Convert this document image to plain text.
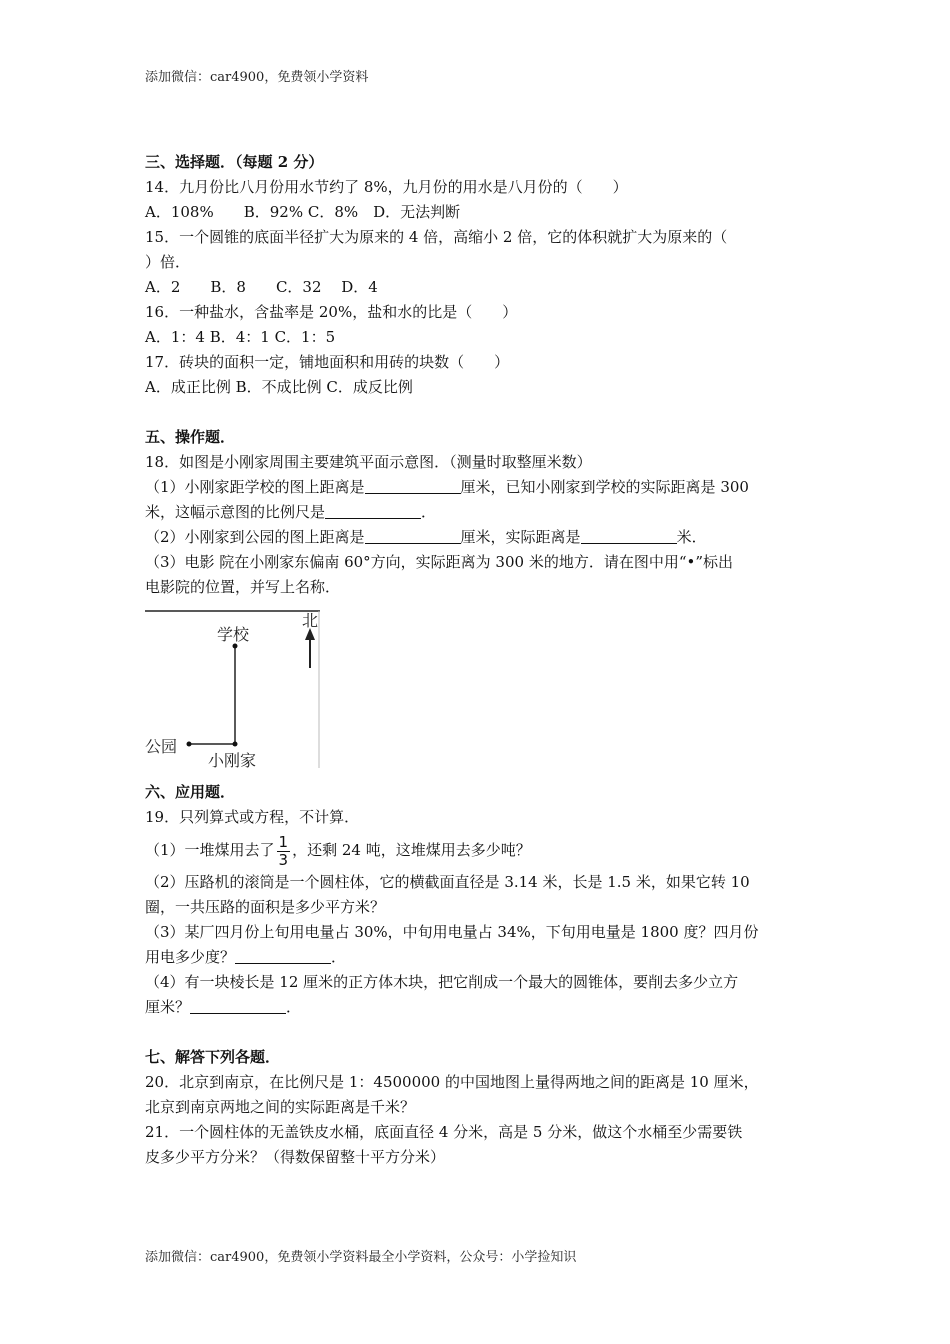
添加微信：car4900，免费领小学资料
三、选择题．（每题 2 分）
14．九月份比八月份用水节约了 8%，九月份的用水是八月份的（　　）
A．108%　　B．92% C．8%　D．无法判断
15．一个圆锥的底面半径扩大为原来的 4 倍，高缩小 2 倍，它的体积就扩大为原来的（
）倍．
A．2　　B．8　　C．32　 D．4
16．一种盐水，含盐率是 20%，盐和水的比是（　　）
A．1：4 B．4：1 C．1：5
17．砖块的面积一定，铺地面积和用砖的块数（　　）
A．成正比例 B．不成比例 C．成反比例
五、操作题．
18．如图是小刚家周围主要建筑平面示意图．（测量时取整厘米数）
（1）小刚家距学校的图上距离是	厘米，已知小刚家到学校的实际距离是 300
米，这幅示意图的比例尺是	．
（2）小刚家到公园的图上距离是	厘米，实际距离是	米．
（3）电影 院在小刚家东偏南 60°方向，实际距离为 300 米的地方．请在图中用“•”标出
电影院的位置，并写上名称．
学校
北
公园
小刚家
六、应用题．
19．只列算式或方程，不计算．
（1）一堆煤用去了 $\frac{1}{3}$ ，还剩 24 吨，这堆煤用去多少吨？
（2）压路机的滚筒是一个圆柱体，它的横截面直径是 3.14 米，长是 1.5 米，如果它转 10
圈，一共压路的面积是多少平方米？
（3）某厂四月份上旬用电量占 30%，中旬用电量占 34%，下旬用电量是 1800 度？四月份
用电多少度？	．
（4）有一块棱长是 12 厘米的正方体木块，把它削成一个最大的圆锥体，要削去多少立方
厘米？	．
七、解答下列各题．
20．北京到南京，在比例尺是 1：4500000 的中国地图上量得两地之间的距离是 10 厘米，
北京到南京两地之间的实际距离是千米？
21．一个圆柱体的无盖铁皮水桶，底面直径 4 分米，高是 5 分米，做这个水桶至少需要铁
皮多少平方分米？（得数保留整十平方分米）
添加微信：car4900，免费领小学资料最全小学资料，公众号：小学捡知识
